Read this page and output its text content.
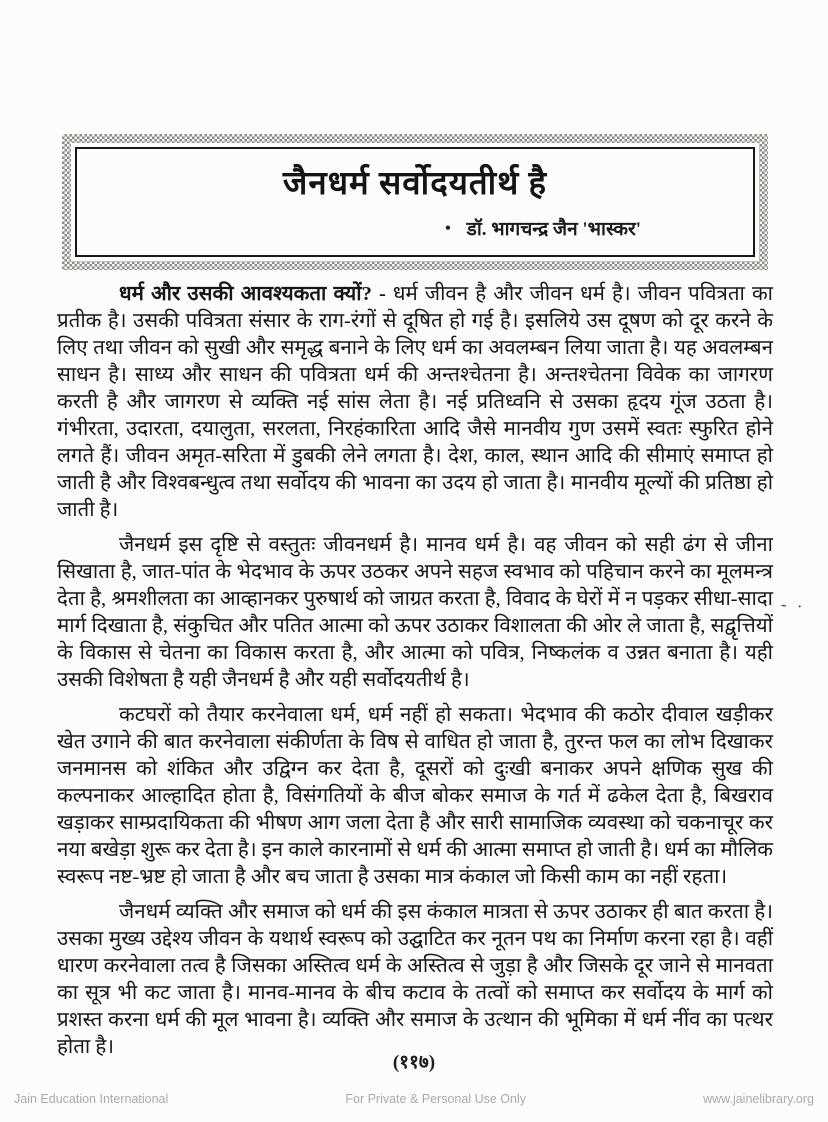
जैनधर्म सर्वोदयतीर्थ है
• डॉ. भागचन्द्र जैन 'भास्कर'

धर्म और उसकी आवश्यकता क्यों? - धर्म जीवन है और जीवन धर्म है। जीवन पवित्रता का प्रतीक है। उसकी पवित्रता संसार के राग-रंगों से दूषित हो गई है। इसलिये उस दूषण को दूर करने के लिए तथा जीवन को सुखी और समृद्ध बनाने के लिए धर्म का अवलम्बन लिया जाता है। यह अवलम्बन साधन है। साध्य और साधन की पवित्रता धर्म की अन्तश्चेतना है। अन्तश्चेतना विवेक का जागरण करती है और जागरण से व्यक्ति नई सांस लेता है। नई प्रतिध्वनि से उसका हृदय गूंज उठता है। गंभीरता, उदारता, दयालुता, सरलता, निरहंकारिता आदि जैसे मानवीय गुण उसमें स्वतः स्फुरित होने लगते हैं। जीवन अमृत-सरिता में डुबकी लेने लगता है। देश, काल, स्थान आदि की सीमाएं समाप्त हो जाती है और विश्वबन्धुत्व तथा सर्वोदय की भावना का उदय हो जाता है। मानवीय मूल्यों की प्रतिष्ठा हो जाती है।

जैनधर्म इस दृष्टि से वस्तुतः जीवनधर्म है। मानव धर्म है। वह जीवन को सही ढंग से जीना सिखाता है, जात-पांत के भेदभाव के ऊपर उठकर अपने सहज स्वभाव को पहिचान करने का मूलमन्त्र देता है, श्रमशीलता का आव्हानकर पुरुषार्थ को जाग्रत करता है, विवाद के घेरों में न पड़कर सीधा-सादा मार्ग दिखाता है, संकुचित और पतित आत्मा को ऊपर उठाकर विशालता की ओर ले जाता है, सद्वृत्तियों के विकास से चेतना का विकास करता है, और आत्मा को पवित्र, निष्कलंक व उन्नत बनाता है। यही उसकी विशेषता है यही जैनधर्म है और यही सर्वोदयतीर्थ है।

कटघरों को तैयार करनेवाला धर्म, धर्म नहीं हो सकता। भेदभाव की कठोर दीवाल खड़ीकर खेत उगाने की बात करनेवाला संकीर्णता के विष से वाधित हो जाता है, तुरन्त फल का लोभ दिखाकर जनमानस को शंकित और उद्विग्न कर देता है, दूसरों को दुःखी बनाकर अपने क्षणिक सुख की कल्पनाकर आल्हादित होता है, विसंगतियों के बीज बोकर समाज के गर्त में ढकेल देता है, बिखराव खड़ाकर साम्प्रदायिकता की भीषण आग जला देता है और सारी सामाजिक व्यवस्था को चकनाचूर कर नया बखेड़ा शुरू कर देता है। इन काले कारनामों से धर्म की आत्मा समाप्त हो जाती है। धर्म का मौलिक स्वरूप नष्ट-भ्रष्ट हो जाता है और बच जाता है उसका मात्र कंकाल जो किसी काम का नहीं रहता।

जैनधर्म व्यक्ति और समाज को धर्म की इस कंकाल मात्रता से ऊपर उठाकर ही बात करता है। उसका मुख्य उद्देश्य जीवन के यथार्थ स्वरूप को उद्घाटित कर नूतन पथ का निर्माण करना रहा है। वहीं धारण करनेवाला तत्व है जिसका अस्तित्व धर्म के अस्तित्व से जुड़ा है और जिसके दूर जाने से मानवता का सूत्र भी कट जाता है। मानव-मानव के बीच कटाव के तत्वों को समाप्त कर सर्वोदय के मार्ग को प्रशस्त करना धर्म की मूल भावना है। व्यक्ति और समाज के उत्थान की भूमिका में धर्म नींव का पत्थर होता है।

- ·
(११७)
Jain Education International	For Private & Personal Use Only	www.jainelibrary.org
